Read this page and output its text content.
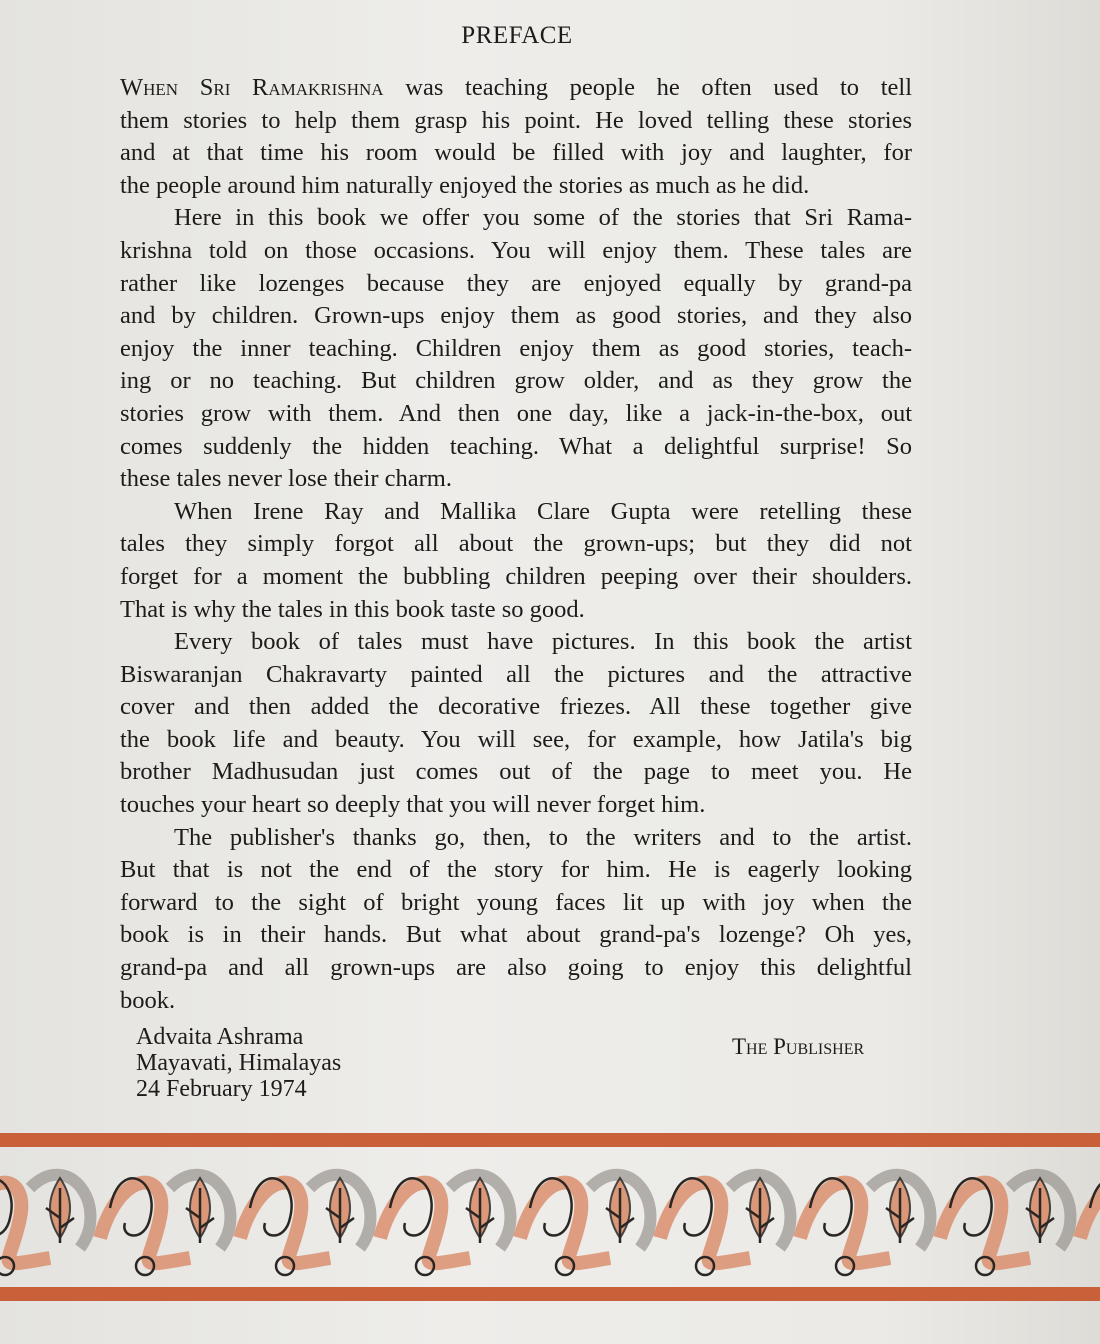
PREFACE
When Sri Ramakrishna was teaching people he often used to tell
them stories to help them grasp his point. He loved telling these stories
and at that time his room would be filled with joy and laughter, for
the people around him naturally enjoyed the stories as much as he did.
Here in this book we offer you some of the stories that Sri Rama-
krishna told on those occasions. You will enjoy them. These tales are
rather like lozenges because they are enjoyed equally by grand-pa
and by children. Grown-ups enjoy them as good stories, and they also
enjoy the inner teaching. Children enjoy them as good stories, teach-
ing or no teaching. But children grow older, and as they grow the
stories grow with them. And then one day, like a jack-in-the-box, out
comes suddenly the hidden teaching. What a delightful surprise! So
these tales never lose their charm.
When Irene Ray and Mallika Clare Gupta were retelling these
tales they simply forgot all about the grown-ups; but they did not
forget for a moment the bubbling children peeping over their shoulders.
That is why the tales in this book taste so good.
Every book of tales must have pictures. In this book the artist
Biswaranjan Chakravarty painted all the pictures and the attractive
cover and then added the decorative friezes. All these together give
the book life and beauty. You will see, for example, how Jatila's big
brother Madhusudan just comes out of the page to meet you. He
touches your heart so deeply that you will never forget him.
The publisher's thanks go, then, to the writers and to the artist.
But that is not the end of the story for him. He is eagerly looking
forward to the sight of bright young faces lit up with joy when the
book is in their hands. But what about grand-pa's lozenge? Oh yes,
grand-pa and all grown-ups are also going to enjoy this delightful
book.
Advaita Ashrama
Mayavati, Himalayas
24 February 1974
The Publisher
